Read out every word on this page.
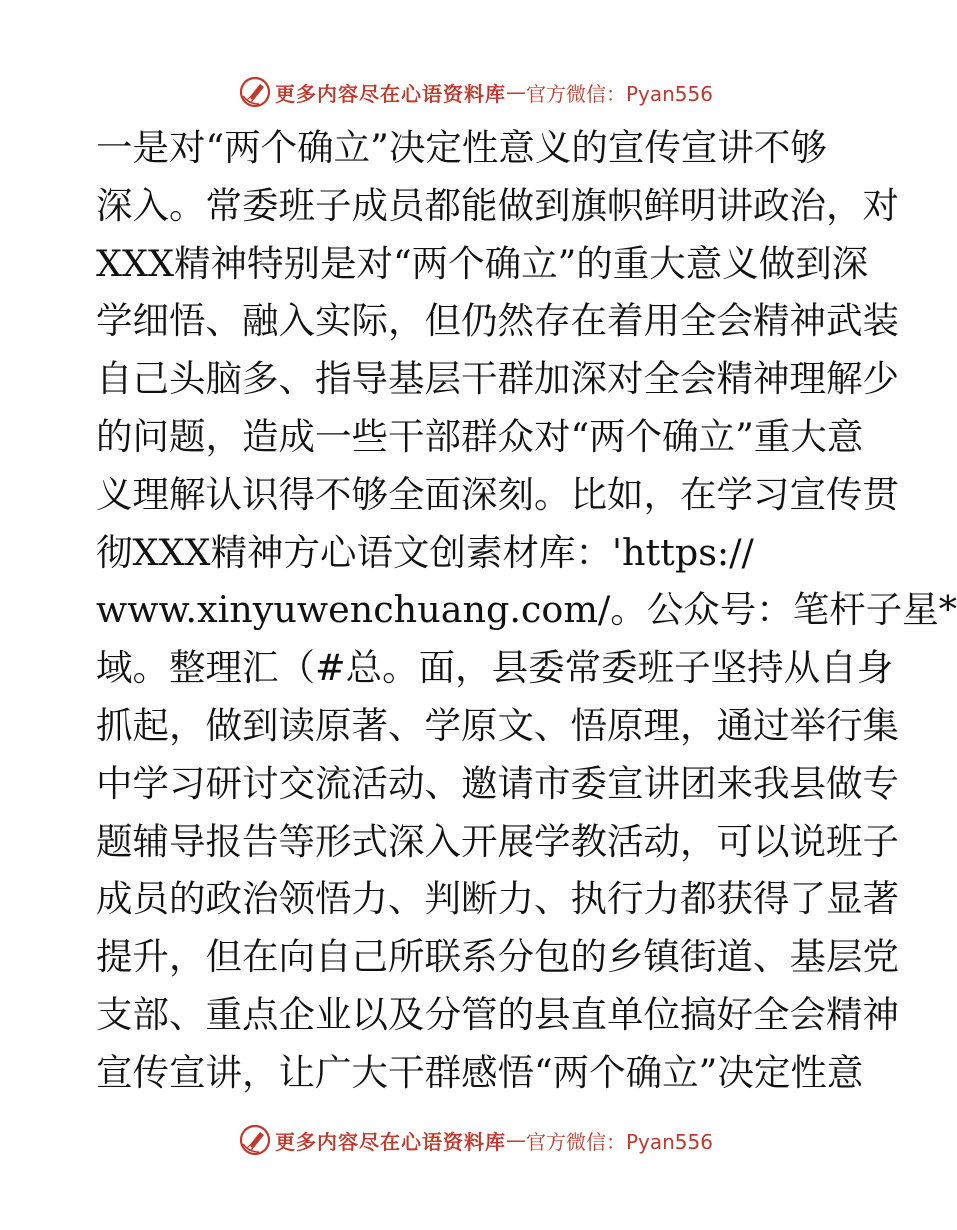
更多内容尽在心语资料库 — 官方微信：Pyan556
一是对“两个确立”决定性意义的宣传宣讲不够
深入。常委班子成员都能做到旗帜鲜明讲政治，对
XXX精神特别是对“两个确立”的重大意义做到深
学细悟、融入实际，但仍然存在着用全会精神武装
自己头脑多、指导基层干群加深对全会精神理解少
的问题，造成一些干部群众对“两个确立”重大意
义理解认识得不够全面深刻。比如，在学习宣传贯
彻XXX精神方心语文创素材库：'https://
www.xinyuwenchuang.com/。公众号：笔杆子星*
域。整理汇（#总。面，县委常委班子坚持从自身
抓起，做到读原著、学原文、悟原理，通过举行集
中学习研讨交流活动、邀请市委宣讲团来我县做专
题辅导报告等形式深入开展学教活动，可以说班子
成员的政治领悟力、判断力、执行力都获得了显著
提升，但在向自己所联系分包的乡镇街道、基层党
支部、重点企业以及分管的县直单位搞好全会精神
宣传宣讲，让广大干群感悟“两个确立”决定性意
更多内容尽在心语资料库 — 官方微信：Pyan556
